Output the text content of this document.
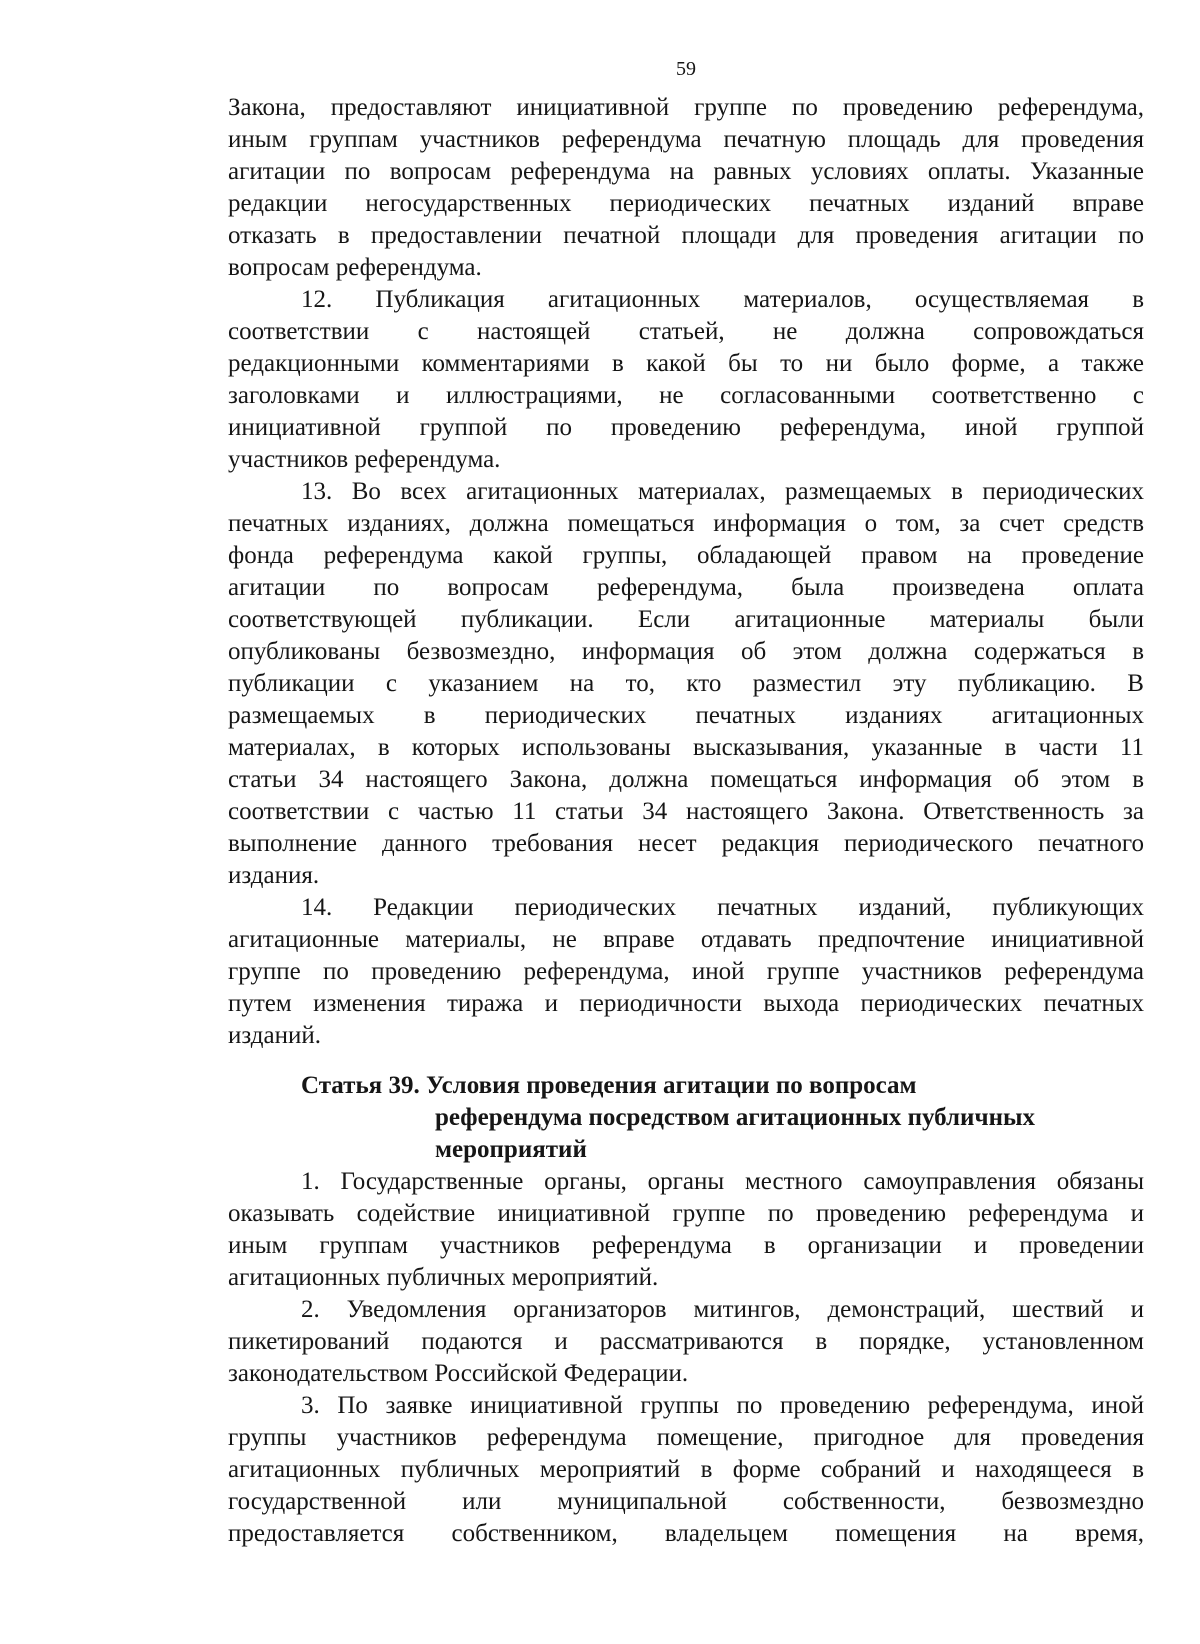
59
Закона, предоставляют инициативной группе по проведению референдума,
иным группам участников референдума печатную площадь для проведения
агитации по вопросам референдума на равных условиях оплаты. Указанные
редакции негосударственных периодических печатных изданий вправе
отказать в предоставлении печатной площади для проведения агитации по
вопросам референдума.
12. Публикация агитационных материалов, осуществляемая в
соответствии с настоящей статьей, не должна сопровождаться
редакционными комментариями в какой бы то ни было форме, а также
заголовками и иллюстрациями, не согласованными соответственно с
инициативной группой по проведению референдума, иной группой
участников референдума.
13. Во всех агитационных материалах, размещаемых в периодических
печатных изданиях, должна помещаться информация о том, за счет средств
фонда референдума какой группы, обладающей правом на проведение
агитации по вопросам референдума, была произведена оплата
соответствующей публикации. Если агитационные материалы были
опубликованы безвозмездно, информация об этом должна содержаться в
публикации с указанием на то, кто разместил эту публикацию. В
размещаемых в периодических печатных изданиях агитационных
материалах, в которых использованы высказывания, указанные в части 11
статьи 34 настоящего Закона, должна помещаться информация об этом в
соответствии с частью 11 статьи 34 настоящего Закона. Ответственность за
выполнение данного требования несет редакция периодического печатного
издания.
14. Редакции периодических печатных изданий, публикующих
агитационные материалы, не вправе отдавать предпочтение инициативной
группе по проведению референдума, иной группе участников референдума
путем изменения тиража и периодичности выхода периодических печатных
изданий.
Статья 39. Условия проведения агитации по вопросам
референдума посредством агитационных публичных
мероприятий
1. Государственные органы, органы местного самоуправления обязаны
оказывать содействие инициативной группе по проведению референдума и
иным группам участников референдума в организации и проведении
агитационных публичных мероприятий.
2. Уведомления организаторов митингов, демонстраций, шествий и
пикетирований подаются и рассматриваются в порядке, установленном
законодательством Российской Федерации.
3. По заявке инициативной группы по проведению референдума, иной
группы участников референдума помещение, пригодное для проведения
агитационных публичных мероприятий в форме собраний и находящееся в
государственной или муниципальной собственности, безвозмездно
предоставляется собственником, владельцем помещения на время,
